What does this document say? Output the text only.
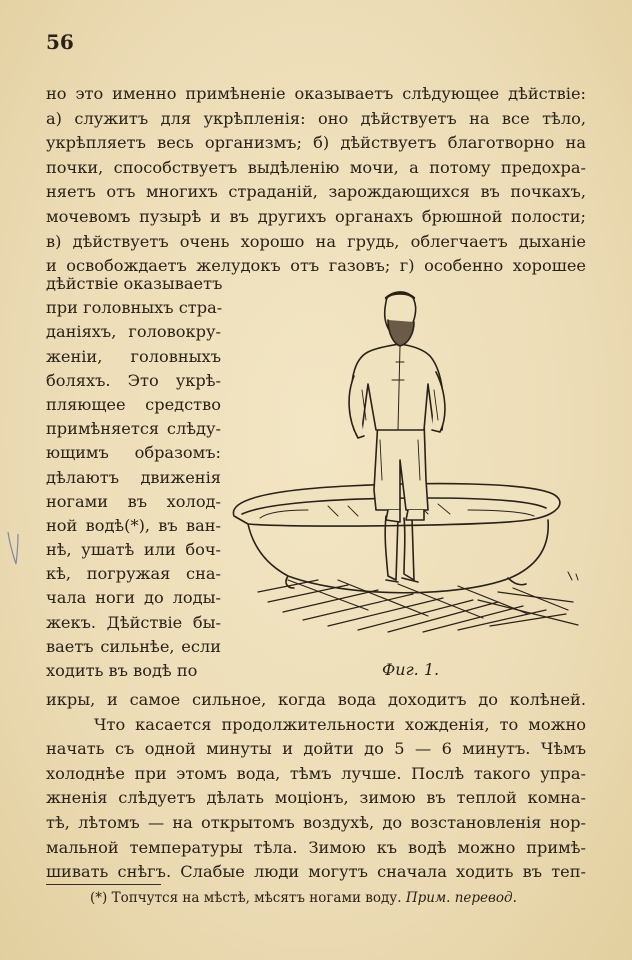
56
но это именно примѣненіе оказываетъ слѣдующее дѣйствіе:
а) служитъ для укрѣпленія: оно дѣйствуетъ на все тѣло,
укрѣпляетъ весь организмъ; б) дѣйствуетъ благотворно на
почки, способствуетъ выдѣленію мочи, а потому предохра-
няетъ отъ многихъ страданій, зарождающихся въ почкахъ,
мочевомъ пузырѣ и въ другихъ органахъ брюшной полости;
в) дѣйствуетъ очень хорошо на грудь, облегчаетъ дыханіе
и освобождаетъ желудокъ отъ газовъ; г) особенно хорошее
дѣйствіе оказываетъ
при головныхъ стра-
даніяхъ, головокру-
женіи, головныхъ
боляхъ. Это укрѣ-
пляющее средство
примѣняется слѣду-
ющимъ образомъ:
дѣлаютъ движенія
ногами въ холод-
ной водѣ(*), въ ван-
нѣ, ушатѣ или боч-
кѣ, погружая сна-
чала ноги до лоды-
жекъ. Дѣйствіе бы-
ваетъ сильнѣе, если
ходить въ водѣ по	Фиг. 1.
икры, и самое сильное, когда вода доходитъ до колѣней.
Что касается продолжительности хожденія, то можно
начать съ одной минуты и дойти до 5 — 6 минутъ. Чѣмъ
холоднѣе при этомъ вода, тѣмъ лучше. Послѣ такого упра-
жненія слѣдуетъ дѣлать моціонъ, зимою въ теплой комна-
тѣ, лѣтомъ — на открытомъ воздухѣ, до возстановленія нор-
мальной температуры тѣла. Зимою къ водѣ можно примѣ-
шивать снѣгъ. Слабые люди могутъ сначала ходить въ теп-
(*) Топчутся на мѣстѣ, мѣсятъ ногами воду. Прим. перевод.
